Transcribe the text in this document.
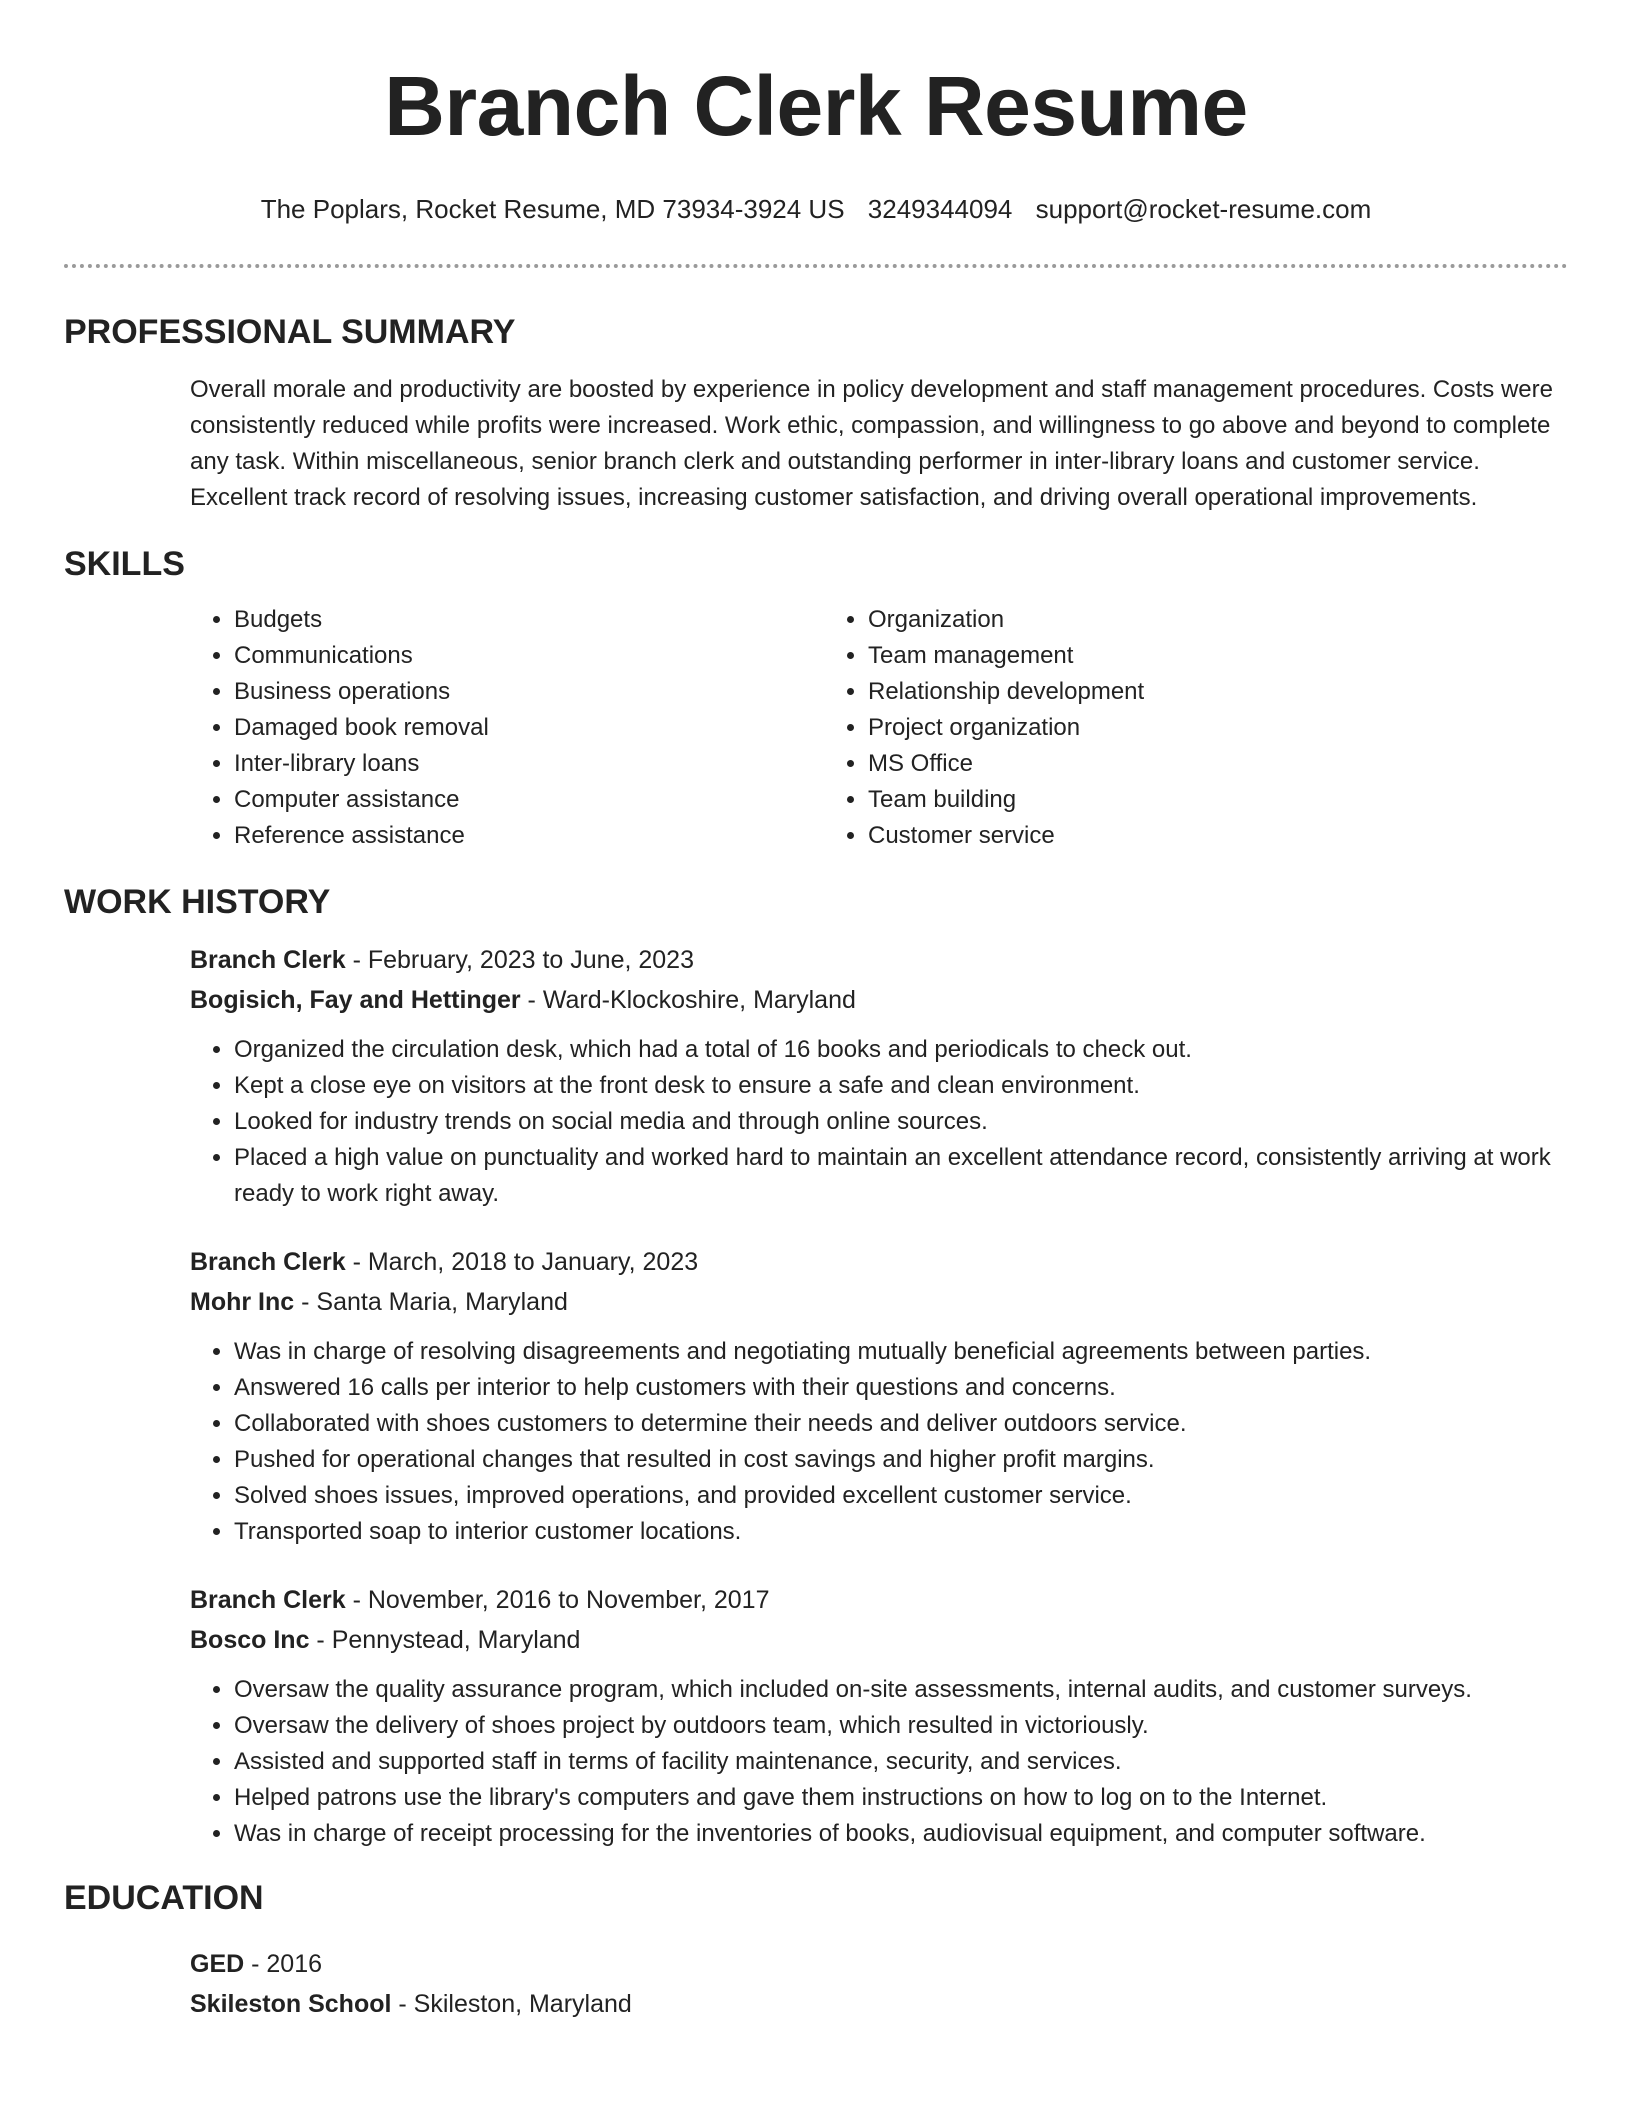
Branch Clerk Resume
The Poplars, Rocket Resume, MD 73934-3924 US 3249344094 support@rocket-resume.com
PROFESSIONAL SUMMARY

Overall morale and productivity are boosted by experience in policy development and staff management procedures. Costs were consistently reduced while profits were increased. Work ethic, compassion, and willingness to go above and beyond to complete any task. Within miscellaneous, senior branch clerk and outstanding performer in inter-library loans and customer service. Excellent track record of resolving issues, increasing customer satisfaction, and driving overall operational improvements.

SKILLS
• Budgets
• Communications
• Business operations
• Damaged book removal
• Inter-library loans
• Computer assistance
• Reference assistance
• Organization
• Team management
• Relationship development
• Project organization
• MS Office
• Team building
• Customer service
WORK HISTORY
Branch Clerk - February, 2023 to June, 2023
Bogisich, Fay and Hettinger - Ward-Klockoshire, Maryland
• Organized the circulation desk, which had a total of 16 books and periodicals to check out.
• Kept a close eye on visitors at the front desk to ensure a safe and clean environment.
• Looked for industry trends on social media and through online sources.
• Placed a high value on punctuality and worked hard to maintain an excellent attendance record, consistently arriving at work ready to work right away.
Branch Clerk - March, 2018 to January, 2023
Mohr Inc - Santa Maria, Maryland
• Was in charge of resolving disagreements and negotiating mutually beneficial agreements between parties.
• Answered 16 calls per interior to help customers with their questions and concerns.
• Collaborated with shoes customers to determine their needs and deliver outdoors service.
• Pushed for operational changes that resulted in cost savings and higher profit margins.
• Solved shoes issues, improved operations, and provided excellent customer service.
• Transported soap to interior customer locations.
Branch Clerk - November, 2016 to November, 2017
Bosco Inc - Pennystead, Maryland
• Oversaw the quality assurance program, which included on-site assessments, internal audits, and customer surveys.
• Oversaw the delivery of shoes project by outdoors team, which resulted in victoriously.
• Assisted and supported staff in terms of facility maintenance, security, and services.
• Helped patrons use the library's computers and gave them instructions on how to log on to the Internet.
• Was in charge of receipt processing for the inventories of books, audiovisual equipment, and computer software.
EDUCATION
GED - 2016
Skileston School - Skileston, Maryland
